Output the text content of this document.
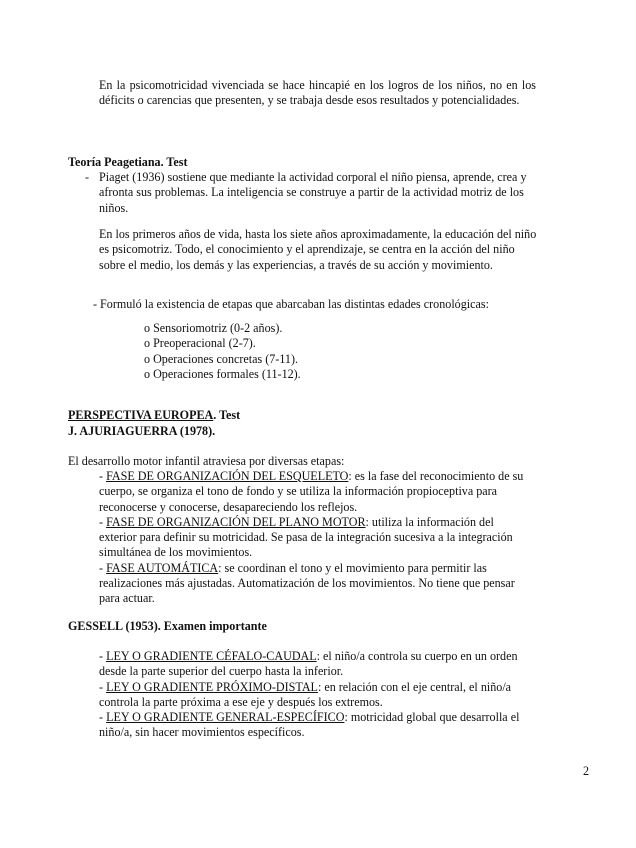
En la psicomotricidad vivenciada se hace hincapié en los logros de los niños, no en los déficits o carencias que presenten, y se trabaja desde esos resultados y potencialidades.
Teoría Peagetiana. Test
- Piaget (1936) sostiene que mediante la actividad corporal el niño piensa, aprende, crea y afronta sus problemas. La inteligencia se construye a partir de la actividad motriz de los niños.
En los primeros años de vida, hasta los siete años aproximadamente, la educación del niño es psicomotriz. Todo, el conocimiento y el aprendizaje, se centra en la acción del niño sobre el medio, los demás y las experiencias, a través de su acción y movimiento.
- Formuló la existencia de etapas que abarcaban las distintas edades cronológicas:

o Sensoriomotriz (0-2 años).

o Preoperacional (2-7).

o Operaciones concretas (7-11).

o Operaciones formales (11-12).

PERSPECTIVA EUROPEA. Test
J. AJURIAGUERRA (1978).
El desarrollo motor infantil atraviesa por diversas etapas:

- FASE DE ORGANIZACIÓN DEL ESQUELETO: es la fase del reconocimiento de su cuerpo, se organiza el tono de fondo y se utiliza la información propioceptiva para reconocerse y conocerse, desapareciendo los reflejos.

- FASE DE ORGANIZACIÓN DEL PLANO MOTOR: utiliza la información del exterior para definir su motricidad. Se pasa de la integración sucesiva a la integración simultánea de los movimientos.

- FASE AUTOMÁTICA: se coordinan el tono y el movimiento para permitir las realizaciones más ajustadas. Automatización de los movimientos. No tiene que pensar para actuar.

GESSELL (1953). Examen importante

- LEY O GRADIENTE CÉFALO-CAUDAL: el niño/a controla su cuerpo en un orden desde la parte superior del cuerpo hasta la inferior.

- LEY O GRADIENTE PRÓXIMO-DISTAL: en relación con el eje central, el niño/a controla la parte próxima a ese eje y después los extremos.

- LEY O GRADIENTE GENERAL-ESPECÍFICO: motricidad global que desarrolla el niño/a, sin hacer movimientos específicos.

2
